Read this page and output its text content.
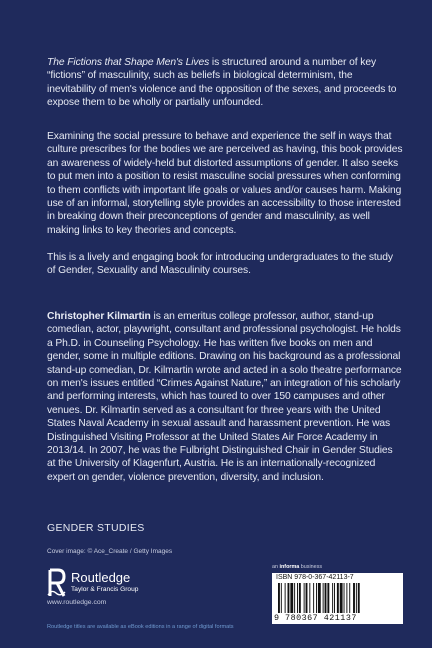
The Fictions that Shape Men's Lives is structured around a number of key “fictions” of masculinity, such as beliefs in biological determinism, the inevitability of men's violence and the opposition of the sexes, and proceeds to expose them to be wholly or partially unfounded.

Examining the social pressure to behave and experience the self in ways that culture prescribes for the bodies we are perceived as having, this book provides an awareness of widely-held but distorted assumptions of gender. It also seeks to put men into a position to resist masculine social pressures when conforming to them conflicts with important life goals or values and/or causes harm. Making use of an informal, storytelling style provides an accessibility to those interested in breaking down their preconceptions of gender and masculinity, as well making links to key theories and concepts.

This is a lively and engaging book for introducing undergraduates to the study of Gender, Sexuality and Masculinity courses.

Christopher Kilmartin is an emeritus college professor, author, stand-up comedian, actor, playwright, consultant and professional psychologist. He holds a Ph.D. in Counseling Psychology. He has written five books on men and gender, some in multiple editions. Drawing on his background as a professional stand-up comedian, Dr. Kilmartin wrote and acted in a solo theatre performance on men's issues entitled “Crimes Against Nature,” an integration of his scholarly and performing interests, which has toured to over 150 campuses and other venues. Dr. Kilmartin served as a consultant for three years with the United States Naval Academy in sexual assault and harassment prevention. He was Distinguished Visiting Professor at the United States Air Force Academy in 2013/14. In 2007, he was the Fulbright Distinguished Chair in Gender Studies at the University of Klagenfurt, Austria. He is an internationally-recognized expert on gender, violence prevention, diversity, and inclusion.

GENDER STUDIES

Cover image: © Ace_Create / Getty Images

Routledge

Taylor & Francis Group

www.routledge.com

Routledge titles are available as eBook editions in a range of digital formats

an informa business

ISBN 978-0-367-42113-7

9 780367 421137
